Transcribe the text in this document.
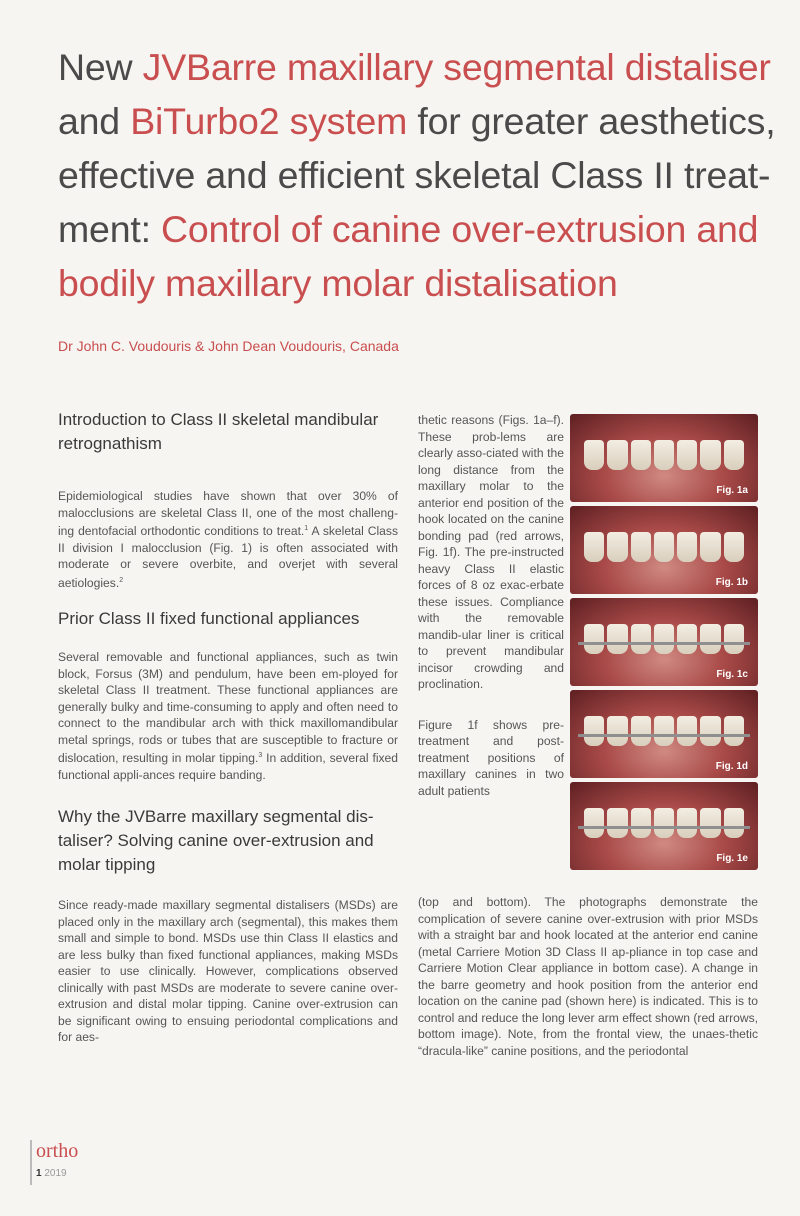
New JVBarre maxillary segmental distaliser and BiTurbo2 system for greater aesthetics, effective and efficient skeletal Class II treat-ment: Control of canine over-extrusion and bodily maxillary molar distalisation
Dr John C. Voudouris & John Dean Voudouris, Canada
Introduction to Class II skeletal mandibular retrognathism
Epidemiological studies have shown that over 30% of malocclusions are skeletal Class II, one of the most challeng-ing dentofacial orthodontic conditions to treat.$^1$ A skeletal Class II division I malocclusion (Fig. 1) is often associated with moderate or severe overbite, and overjet with several aetiologies.$^2$
Prior Class II fixed functional appliances
Several removable and functional appliances, such as twin block, Forsus (3M) and pendulum, have been em-ployed for skeletal Class II treatment. These functional appliances are generally bulky and time-consuming to apply and often need to connect to the mandibular arch with thick maxillomandibular metal springs, rods or tubes that are susceptible to fracture or dislocation, resulting in molar tipping.$^3$ In addition, several fixed functional appli-ances require banding.
Why the JVBarre maxillary segmental dis-taliser? Solving canine over-extrusion and molar tipping
Since ready-made maxillary segmental distalisers (MSDs) are placed only in the maxillary arch (segmental), this makes them small and simple to bond. MSDs use thin Class II elastics and are less bulky than fixed functional appliances, making MSDs easier to use clinically. However, complications observed clinically with past MSDs are moderate to severe canine over-extrusion and distal molar tipping. Canine over-extrusion can be significant owing to ensuing periodontal complications and for aes-
thetic reasons (Figs. 1a–f). These prob-lems are clearly asso-ciated with the long distance from the maxillary molar to the anterior end position of the hook located on the canine bonding pad (red arrows, Fig. 1f). The pre-instructed heavy Class II elastic forces of 8 oz exac-erbate these issues. Compliance with the removable mandib-ular liner is critical to prevent mandibular incisor crowding and proclination.
Figure 1f shows pre-treatment and post-treatment positions of maxillary canines in two adult patients
Fig. 1a
Fig. 1b
Fig. 1c
Fig. 1d
Fig. 1e
(top and bottom). The photographs demonstrate the complication of severe canine over-extrusion with prior MSDs with a straight bar and hook located at the anterior end canine (metal Carriere Motion 3D Class II ap-pliance in top case and Carriere Motion Clear appliance in bottom case). A change in the barre geometry and hook position from the anterior end location on the canine pad (shown here) is indicated. This is to control and reduce the long lever arm effect shown (red arrows, bottom image). Note, from the frontal view, the unaes-thetic “dracula-like” canine positions, and the periodontal
ortho
1 2019
